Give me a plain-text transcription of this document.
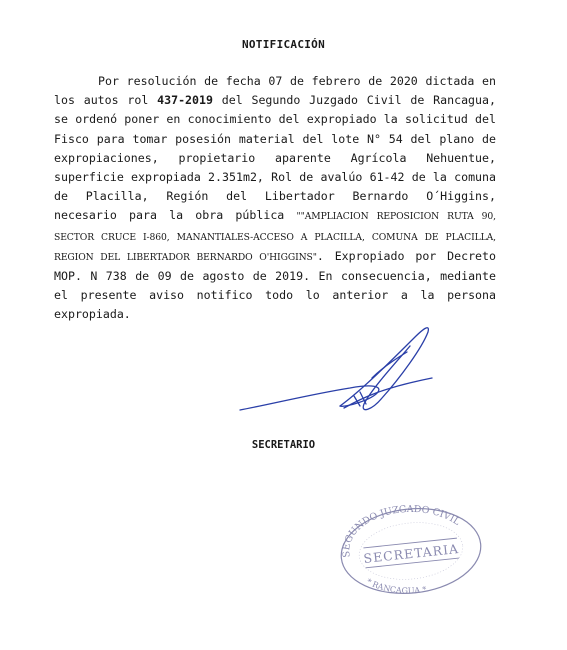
NOTIFICACIÓN

Por resolución de fecha 07 de febrero de 2020 dictada en los autos rol 437-2019 del Segundo Juzgado Civil de Rancagua, se ordenó poner en conocimiento del expropiado la solicitud del Fisco para tomar posesión material del lote N° 54 del plano de expropiaciones, propietario aparente Agrícola Nehuentue, superficie expropiada 2.351m2, Rol de avalúo 61-42 de la comuna de Placilla, Región del Libertador Bernardo O´Higgins, necesario para la obra pública ""AMPLIACION REPOSICION RUTA 90, SECTOR CRUCE I-860, MANANTIALES-ACCESO A PLACILLA, COMUNA DE PLACILLA, REGION DEL LIBERTADOR BERNARDO O'HIGGINS". Expropiado por Decreto MOP. N 738 de 09 de agosto de 2019. En consecuencia, mediante el presente aviso notifico todo lo anterior a la persona expropiada.

SECRETARIO
SEGUNDO JUZGADO CIVIL
SECRETARIA
* RANCAGUA *
